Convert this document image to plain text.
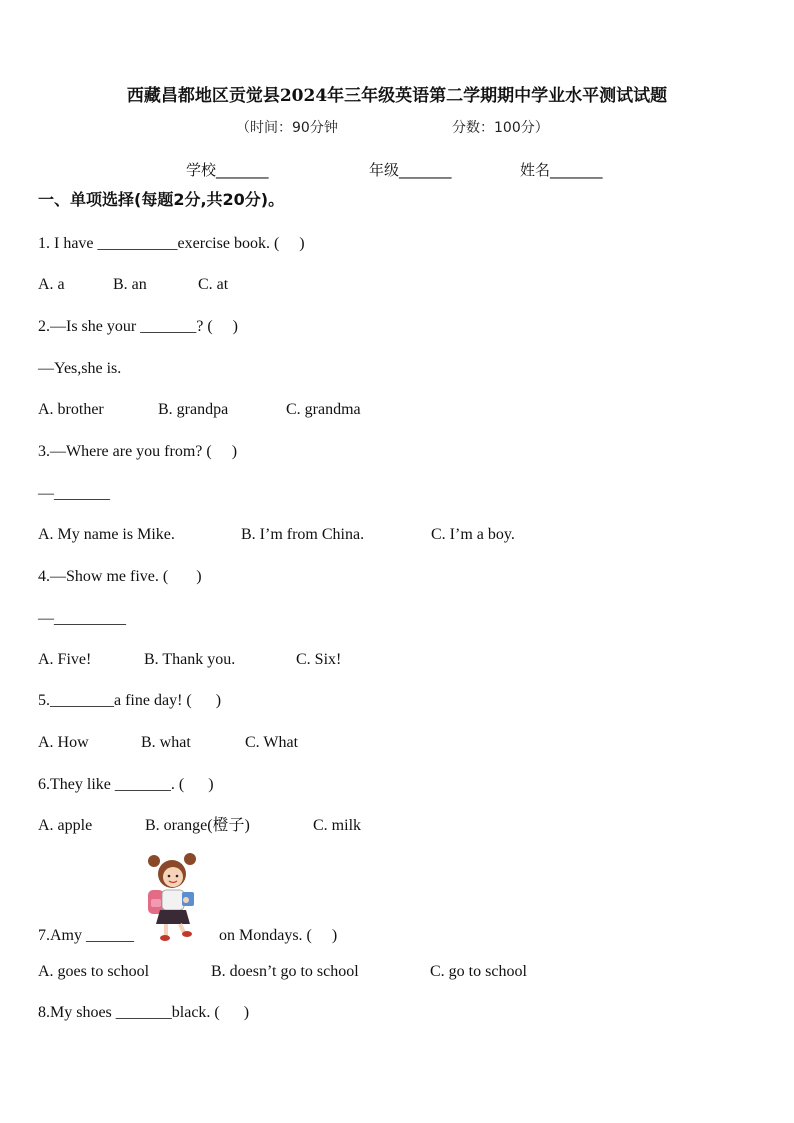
西藏昌都地区贡觉县2024年三年级英语第二学期期中学业水平测试试题
（时间：90分钟	分数：100分）
学校_______	年级_______	姓名_______
一、单项选择(每题2分,共20分)。
1. I have __________exercise book. (     )
A. a	B. an	C. at
2.—Is she your _______? (     )
—Yes,she is.
A. brother	B. grandpa	C. grandma
3.—Where are you from? (     )
—_______
A. My name is Mike.	B. I’m from China.	C. I’m a boy.
4.—Show me five. (       )
—_________
A. Five!	B. Thank you.	C. Six!
5.________a fine day! (      )
A. How	B. what	C. What
6.They like _______. (      )
A. apple	B. orange(橙子)	C. milk
7.Amy ______	on Mondays. (     )
A. goes to school	B. doesn’t go to school	C. go to school
8.My shoes _______black. (      )
